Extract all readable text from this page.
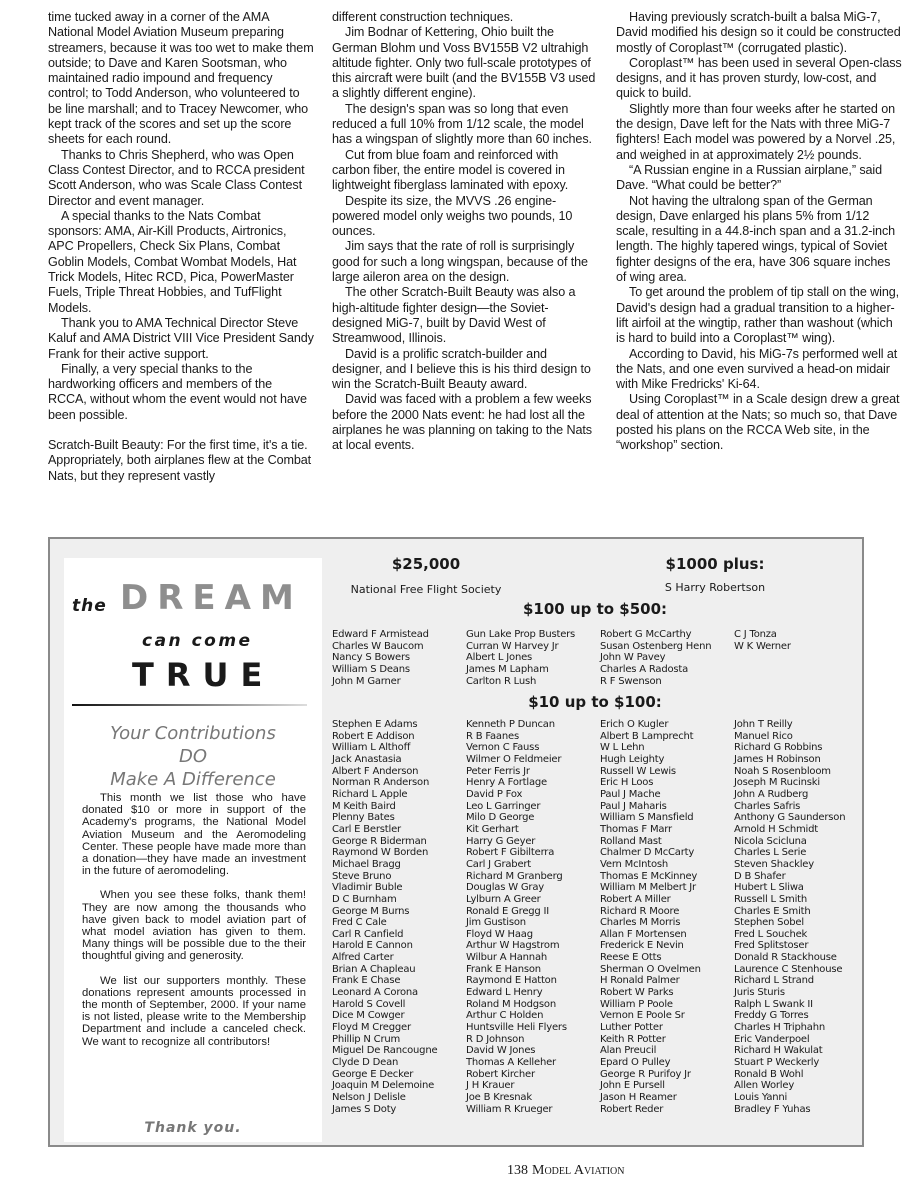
time tucked away in a corner of the AMA National Model Aviation Museum preparing streamers, because it was too wet to make them outside; to Dave and Karen Sootsman, who maintained radio impound and frequency control; to Todd Anderson, who volunteered to be line marshall; and to Tracey Newcomer, who kept track of the scores and set up the score sheets for each round.

Thanks to Chris Shepherd, who was Open Class Contest Director, and to RCCA president Scott Anderson, who was Scale Class Contest Director and event manager.

A special thanks to the Nats Combat sponsors: AMA, Air-Kill Products, Airtronics, APC Propellers, Check Six Plans, Combat Goblin Models, Combat Wombat Models, Hat Trick Models, Hitec RCD, Pica, PowerMaster Fuels, Triple Threat Hobbies, and TufFlight Models.

Thank you to AMA Technical Director Steve Kaluf and AMA District VIII Vice President Sandy Frank for their active support.

Finally, a very special thanks to the hardworking officers and members of the RCCA, without whom the event would not have been possible.

Scratch-Built Beauty: For the first time, it's a tie. Appropriately, both airplanes flew at the Combat Nats, but they represent vastly

different construction techniques.

Jim Bodnar of Kettering, Ohio built the German Blohm und Voss BV155B V2 ultrahigh altitude fighter. Only two full-scale prototypes of this aircraft were built (and the BV155B V3 used a slightly different engine).

The design's span was so long that even reduced a full 10% from 1/12 scale, the model has a wingspan of slightly more than 60 inches.

Cut from blue foam and reinforced with carbon fiber, the entire model is covered in lightweight fiberglass laminated with epoxy.

Despite its size, the MVVS .26 engine-powered model only weighs two pounds, 10 ounces.

Jim says that the rate of roll is surprisingly good for such a long wingspan, because of the large aileron area on the design.

The other Scratch-Built Beauty was also a high-altitude fighter design—the Soviet-designed MiG-7, built by David West of Streamwood, Illinois.

David is a prolific scratch-builder and designer, and I believe this is his third design to win the Scratch-Built Beauty award.

David was faced with a problem a few weeks before the 2000 Nats event: he had lost all the airplanes he was planning on taking to the Nats at local events.

Having previously scratch-built a balsa MiG-7, David modified his design so it could be constructed mostly of Coroplast™ (corrugated plastic).

Coroplast™ has been used in several Open-class designs, and it has proven sturdy, low-cost, and quick to build.

Slightly more than four weeks after he started on the design, Dave left for the Nats with three MiG-7 fighters! Each model was powered by a Norvel .25, and weighed in at approximately 2½ pounds.

“A Russian engine in a Russian airplane,” said Dave. “What could be better?”

Not having the ultralong span of the German design, Dave enlarged his plans 5% from 1/12 scale, resulting in a 44.8-inch span and a 31.2-inch length. The highly tapered wings, typical of Soviet fighter designs of the era, have 306 square inches of wing area.

To get around the problem of tip stall on the wing, David's design had a gradual transition to a higher-lift airfoil at the wingtip, rather than washout (which is hard to build into a Coroplast™ wing).

According to David, his MiG-7s performed well at the Nats, and one even survived a head-on midair with Mike Fredricks' Ki-64.

Using Coroplast™ in a Scale design drew a great deal of attention at the Nats; so much so, that Dave posted his plans on the RCCA Web site, in the “workshop” section.

the DREAM
can come
TRUE
Your Contributions
DO
Make A Difference

This month we list those who have donated $10 or more in support of the Academy's programs, the National Model Aviation Museum and the Aeromodeling Center. These people have made more than a donation—they have made an investment in the future of aeromodeling.

When you see these folks, thank them! They are now among the thousands who have given back to model aviation part of what model aviation has given to them. Many things will be possible due to the their thoughtful giving and generosity.

We list our supporters monthly. These donations represent amounts processed in the month of September, 2000. If your name is not listed, please write to the Membership Department and include a canceled check. We want to recognize all contributors!

Thank you.
$25,000
National Free Flight Society
$1000 plus:
S Harry Robertson
$100 up to $500:
Edward F Armistead
Charles W Baucom
Nancy S Bowers
William S Deans
John M Garner
Gun Lake Prop Busters
Curran W Harvey Jr
Albert L Jones
James M Lapham
Carlton R Lush
Robert G McCarthy
Susan Ostenberg Henn
John W Pavey
Charles A Radosta
R F Swenson
C J Tonza
W K Werner
$10 up to $100:
Stephen E Adams
Robert E Addison
William L Althoff
Jack Anastasia
Albert F Anderson
Norman R Anderson
Richard L Apple
M Keith Baird
Plenny Bates
Carl E Berstler
George R Biderman
Raymond W Borden
Michael Bragg
Steve Bruno
Vladimir Buble
D C Burnham
George M Burns
Fred C Cale
Carl R Canfield
Harold E Cannon
Alfred Carter
Brian A Chapleau
Frank E Chase
Leonard A Corona
Harold S Covell
Dice M Cowger
Floyd M Cregger
Phillip N Crum
Miguel De Rancougne
Clyde D Dean
George E Decker
Joaquin M Delemoine
Nelson J Delisle
James S Doty
Kenneth P Duncan
R B Faanes
Vernon C Fauss
Wilmer O Feldmeier
Peter Ferris Jr
Henry A Fortlage
David P Fox
Leo L Garringer
Milo D George
Kit Gerhart
Harry G Geyer
Robert F Gibilterra
Carl J Grabert
Richard M Granberg
Douglas W Gray
Lylburn A Greer
Ronald E Gregg II
Jim Gustison
Floyd W Haag
Arthur W Hagstrom
Wilbur A Hannah
Frank E Hanson
Raymond E Hatton
Edward L Henry
Roland M Hodgson
Arthur C Holden
Huntsville Heli Flyers
R D Johnson
David W Jones
Thomas A Kelleher
Robert Kircher
J H Krauer
Joe B Kresnak
William R Krueger
Erich O Kugler
Albert B Lamprecht
W L Lehn
Hugh Leighty
Russell W Lewis
Eric H Loos
Paul J Mache
Paul J Maharis
William S Mansfield
Thomas F Marr
Rolland Mast
Chalmer D McCarty
Vern McIntosh
Thomas E McKinney
William M Melbert Jr
Robert A Miller
Richard R Moore
Charles M Morris
Allan F Mortensen
Frederick E Nevin
Reese E Otts
Sherman O Ovelmen
H Ronald Palmer
Robert W Parks
William P Poole
Vernon E Poole Sr
Luther Potter
Keith R Potter
Alan Preucil
Epard O Pulley
George R Purifoy Jr
John E Pursell
Jason H Reamer
Robert Reder
John T Reilly
Manuel Rico
Richard G Robbins
James H Robinson
Noah S Rosenbloom
Joseph M Rucinski
John A Rudberg
Charles Safris
Anthony G Saunderson
Arnold H Schmidt
Nicola Scicluna
Charles L Serie
Steven Shackley
D B Shafer
Hubert L Sliwa
Russell L Smith
Charles E Smith
Stephen Sobel
Fred L Souchek
Fred Splitstoser
Donald R Stackhouse
Laurence C Stenhouse
Richard L Strand
Juris Sturis
Ralph L Swank II
Freddy G Torres
Charles H Triphahn
Eric Vanderpoel
Richard H Wakulat
Stuart P Weckerly
Ronald B Wohl
Allen Worley
Louis Yanni
Bradley F Yuhas
138 Model Aviation
